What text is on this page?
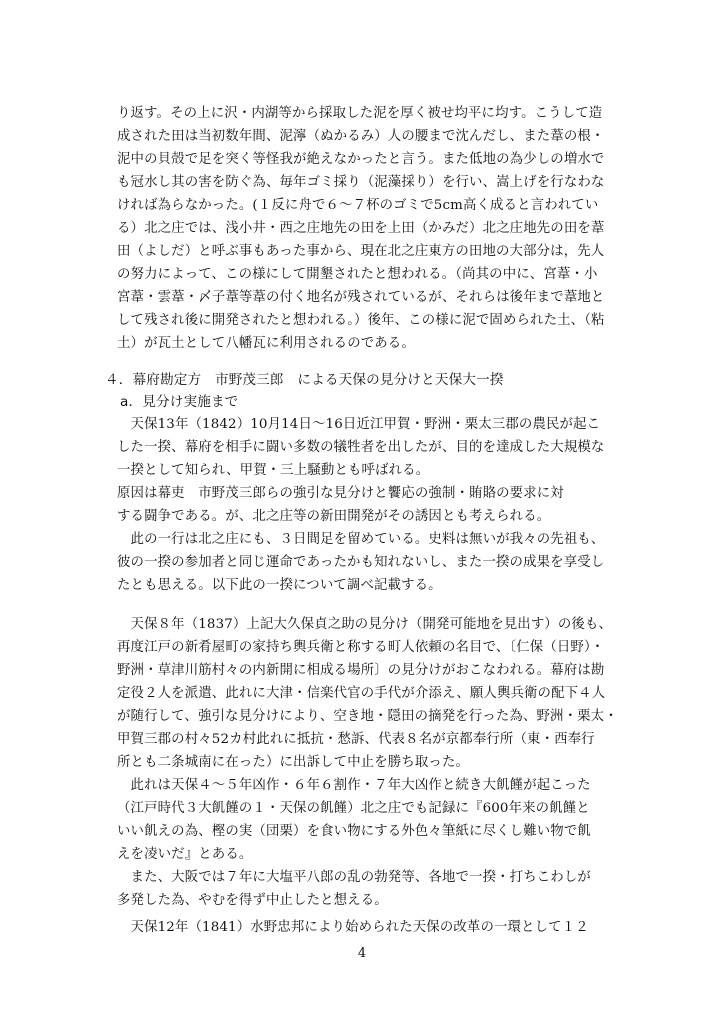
り返す。その上に沢・内湖等から採取した泥を厚く被せ均平に均す。こうして造
成された田は当初数年間、泥濘（ぬかるみ）人の腰まで沈んだし、また葦の根・
泥中の貝殻で足を突く等怪我が絶えなかったと言う。また低地の為少しの増水で
も冠水し其の害を防ぐ為、毎年ゴミ採り（泥藻採り）を行い、嵩上げを行なわな
ければ為らなかった。(１反に舟で６～７杯のゴミで5cm高く成ると言われてい
る）北之庄では、浅小井・西之庄地先の田を上田（かみだ）北之庄地先の田を葦
田（よしだ）と呼ぶ事もあった事から、現在北之庄東方の田地の大部分は，先人
の努力によって、この様にして開墾されたと想われる。（尚其の中に、宮葦・小
宮葦・雲葦・〆子葦等葦の付く地名が残されているが、それらは後年まで葦地と
して残され後に開発されたと想われる。）後年、この様に泥で固められた土、（粘
土）が瓦土として八幡瓦に利用されるのである。
４．幕府勘定方　市野茂三郎　による天保の見分けと天保大一揆
a．見分け実施まで
　天保13年（1842）10月14日～16日近江甲賀・野洲・栗太三郡の農民が起こ
した一揆、幕府を相手に闘い多数の犠牲者を出したが、目的を達成した大規模な
一揆として知られ、甲賀・三上騒動とも呼ばれる。
原因は幕吏　市野茂三郎らの強引な見分けと饗応の強制・賄賂の要求に対
する闘争である。が、北之庄等の新田開発がその誘因とも考えられる。
　此の一行は北之庄にも、３日間足を留めている。史料は無いが我々の先祖も、
彼の一揆の参加者と同じ運命であったかも知れないし、また一揆の成果を享受し
たとも思える。以下此の一揆について調べ記載する。
　天保８年（1837）上記大久保貞之助の見分け（開発可能地を見出す）の後も、
再度江戸の新肴屋町の家持ち輿兵衛と称する町人依頼の名目で、〔仁保（日野）・
野洲・草津川筋村々の内新開に相成る場所〕の見分けがおこなわれる。幕府は勘
定役２人を派遣、此れに大津・信楽代官の手代が介添え、願人輿兵衛の配下４人
が随行して、強引な見分けにより、空き地・隠田の摘発を行った為、野洲・栗太・
甲賀三郡の村々52カ村此れに抵抗・愁訴、代表８名が京都奉行所（東・西奉行
所とも二条城南に在った）に出訴して中止を勝ち取った。
　此れは天保４～５年凶作・６年６割作・７年大凶作と続き大飢饉が起こった
（江戸時代３大飢饉の１・天保の飢饉）北之庄でも記録に『600年来の飢饉と
いい飢えの為、樫の実（団栗）を食い物にする外色々筆紙に尽くし難い物で飢
えを凌いだ』とある。
　また、大阪では７年に大塩平八郎の乱の勃発等、各地で一揆・打ちこわしが
多発した為、やむを得ず中止したと想える。
　天保12年（1841）水野忠邦により始められた天保の改革の一環として１２
4
